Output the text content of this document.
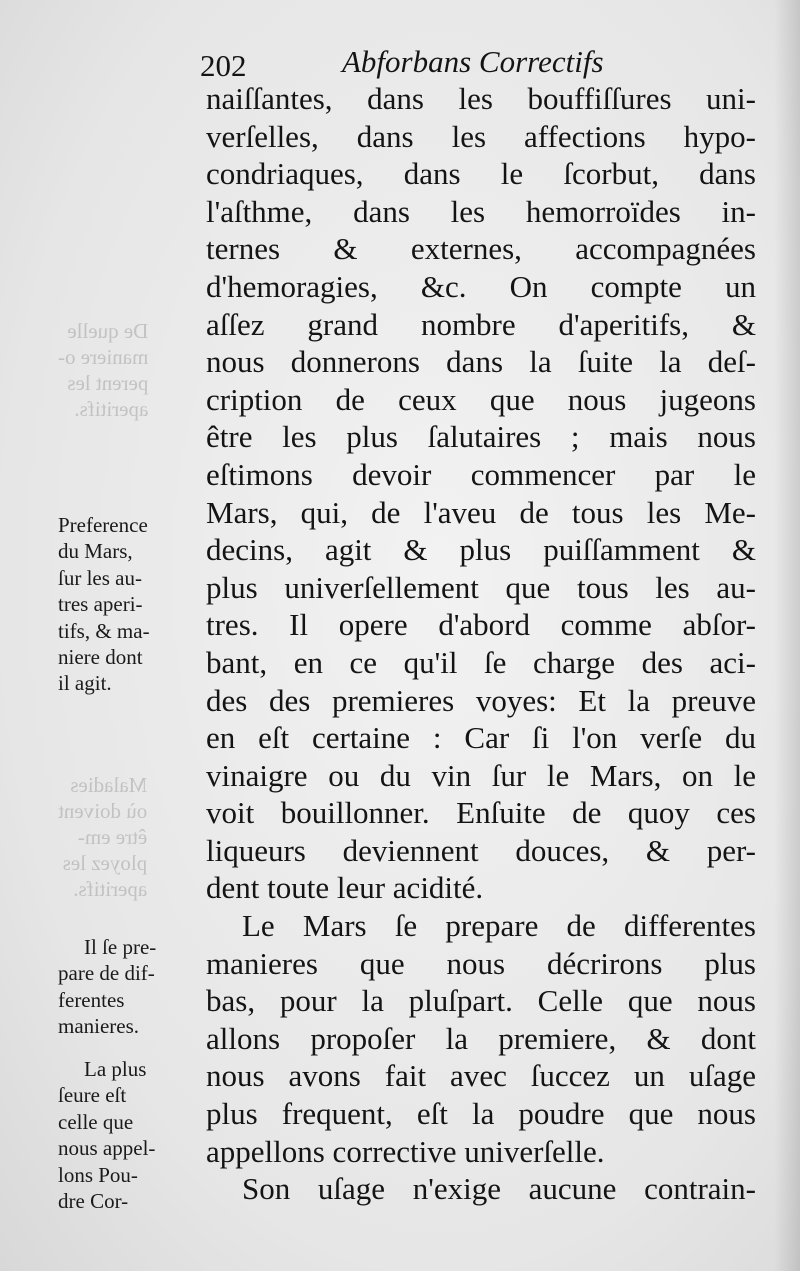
De quelle
maniere o-
perent les
aperitifs.
Maladies
où doivent
être em-
ployez les
aperitifs.
202	Abforbans Correctifs
naiſſantes, dans les bouffiſſures uni-
verſelles, dans les affections hypo-
condriaques, dans le ſcorbut, dans
l'aſthme, dans les hemorroïdes in-
ternes & externes, accompagnées
d'hemoragies, &c. On compte un
aſſez grand nombre d'aperitifs, &
nous donnerons dans la ſuite la deſ-
cription de ceux que nous jugeons
être les plus ſalutaires ; mais nous
eſtimons devoir commencer par le
Mars, qui, de l'aveu de tous les Me-
decins, agit & plus puiſſamment &
plus univerſellement que tous les au-
tres. Il opere d'abord comme abſor-
bant, en ce qu'il ſe charge des aci-
des des premieres voyes: Et la preuve
en eſt certaine : Car ſi l'on verſe du
vinaigre ou du vin ſur le Mars, on le
voit bouillonner. Enſuite de quoy ces
liqueurs deviennent douces, & per-
dent toute leur acidité.
Le Mars ſe prepare de differentes
manieres que nous décrirons plus
bas, pour la pluſpart. Celle que nous
allons propoſer la premiere, & dont
nous avons fait avec ſuccez un uſage
plus frequent, eſt la poudre que nous
appellons corrective univerſelle.
Son uſage n'exige aucune contrain-
Preference
du Mars,
ſur les au-
tres aperi-
tifs, & ma-
niere dont
il agit.
Il ſe pre-
pare de dif-
ferentes
manieres.
La plus
ſeure eſt
celle que
nous appel-
lons Pou-
dre Cor-
